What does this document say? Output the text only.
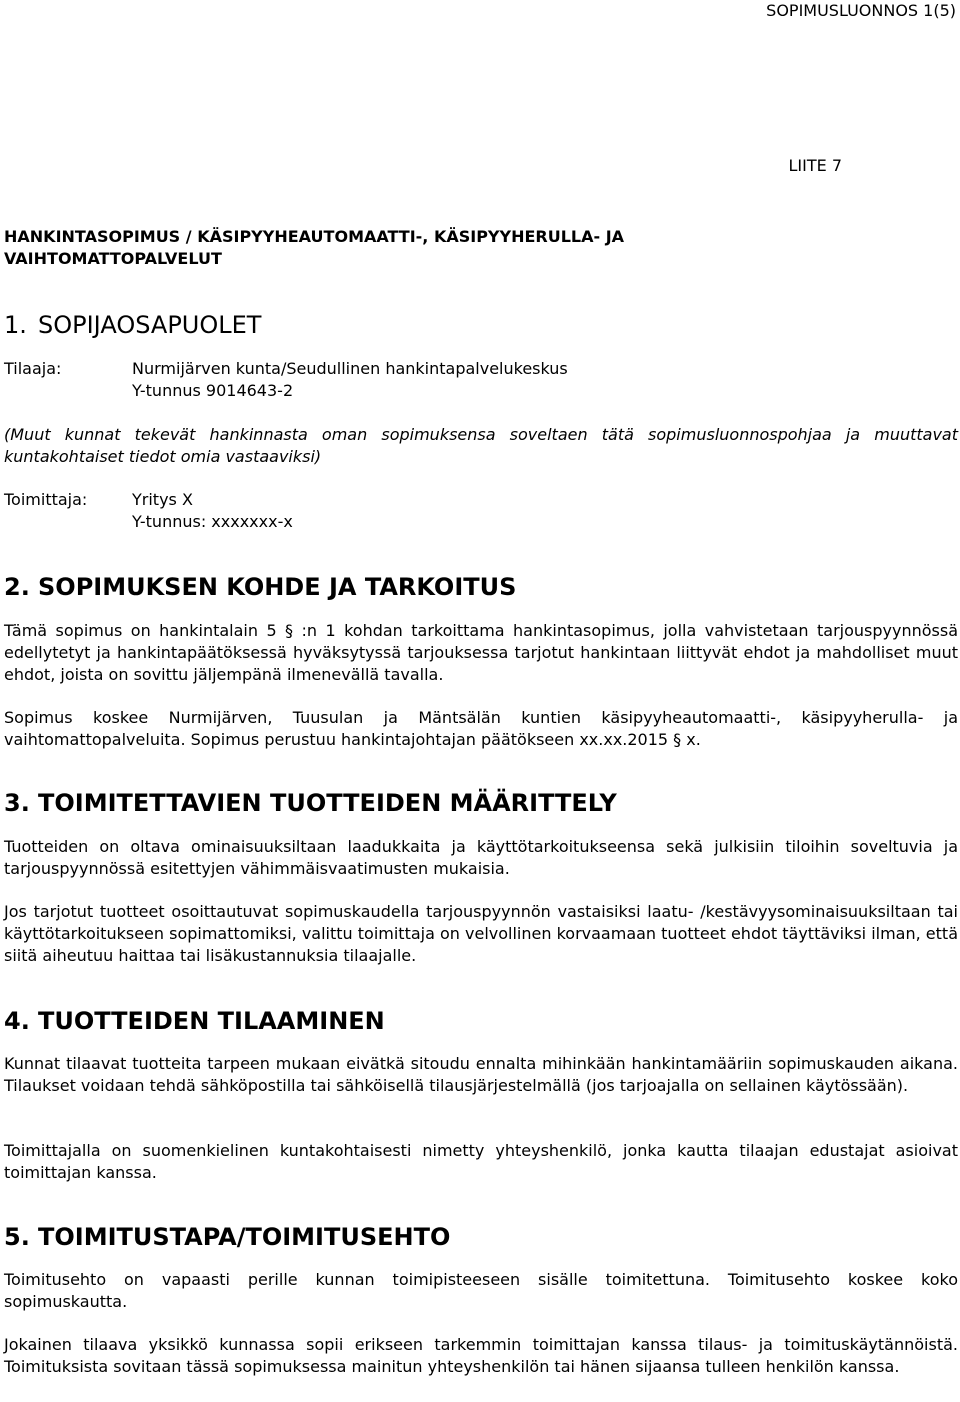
SOPIMUSLUONNOS 1(5)
LIITE 7
HANKINTASOPIMUS / KÄSIPYYHEAUTOMAATTI-, KÄSIPYYHERULLA- JA VAIHTOMATTOPALVELUT
1. SOPIJAOSAPUOLET
Tilaaja:	Nurmijärven kunta/Seudullinen hankintapalvelukeskus
Y-tunnus 9014643-2
(Muut kunnat tekevät hankinnasta oman sopimuksensa soveltaen tätä sopimusluonnospohjaa ja muuttavat kuntakohtaiset tiedot omia vastaaviksi)
Toimittaja:	Yritys X
Y-tunnus: xxxxxxx-x
2. SOPIMUKSEN KOHDE JA TARKOITUS

Tämä sopimus on hankintalain 5 § :n 1 kohdan tarkoittama hankintasopimus, jolla vahvistetaan tarjouspyynnössä edellytetyt ja hankintapäätöksessä hyväksytyssä tarjouksessa tarjotut hankintaan liittyvät ehdot ja mahdolliset muut ehdot, joista on sovittu jäljempänä ilmenevällä tavalla.

Sopimus koskee Nurmijärven, Tuusulan ja Mäntsälän kuntien käsipyyheautomaatti-, käsipyyherulla- ja vaihtomattopalveluita. Sopimus perustuu hankintajohtajan päätökseen xx.xx.2015 § x.

3. TOIMITETTAVIEN TUOTTEIDEN MÄÄRITTELY

Tuotteiden on oltava ominaisuuksiltaan laadukkaita ja käyttötarkoitukseensa sekä julkisiin tiloihin soveltuvia ja tarjouspyynnössä esitettyjen vähimmäisvaatimusten mukaisia.

Jos tarjotut tuotteet osoittautuvat sopimuskaudella tarjouspyynnön vastaisiksi laatu- /kestävyysominaisuuksiltaan tai käyttötarkoitukseen sopimattomiksi, valittu toimittaja on velvollinen korvaamaan tuotteet ehdot täyttäviksi ilman, että siitä aiheutuu haittaa tai lisäkustannuksia tilaajalle.

4. TUOTTEIDEN TILAAMINEN

Kunnat tilaavat tuotteita tarpeen mukaan eivätkä sitoudu ennalta mihinkään hankintamääriin sopimuskauden aikana. Tilaukset voidaan tehdä sähköpostilla tai sähköisellä tilausjärjestelmällä (jos tarjoajalla on sellainen käytössään).

Toimittajalla on suomenkielinen kuntakohtaisesti nimetty yhteyshenkilö, jonka kautta tilaajan edustajat asioivat toimittajan kanssa.

5. TOIMITUSTAPA/TOIMITUSEHTO

Toimitusehto on vapaasti perille kunnan toimipisteeseen sisälle toimitettuna. Toimitusehto koskee koko sopimuskautta.

Jokainen tilaava yksikkö kunnassa sopii erikseen tarkemmin toimittajan kanssa tilaus- ja toimituskäytännöistä. Toimituksista sovitaan tässä sopimuksessa mainitun yhteyshenkilön tai hänen sijaansa tulleen henkilön kanssa.
